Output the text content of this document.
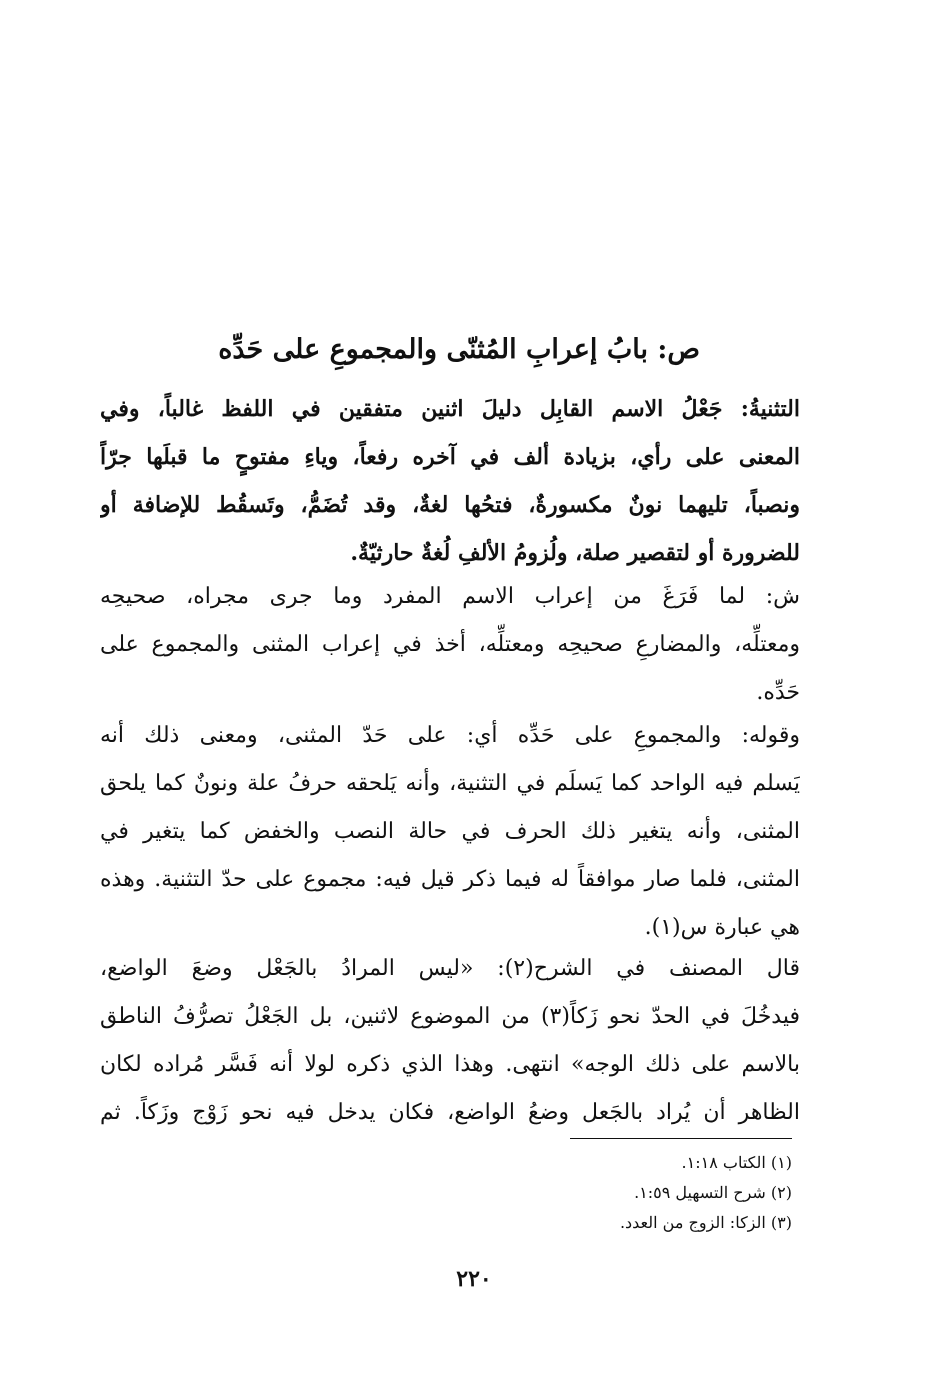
ص: بابُ إعرابِ المُثنّى والمجموعِ على حَدِّه
التثنيةُ: جَعْلُ الاسم القابِل دليلَ اثنين متفقين في اللفظ غالباً، وفي
المعنى على رأي، بزيادة ألف في آخره رفعاً، وياءِ مفتوحٍ ما قبلَها جرّاً
ونصباً، تليهما نونٌ مكسورةٌ، فتحُها لغةٌ، وقد تُضَمُّ، وتَسقُط للإضافة أو
للضرورة أو لتقصير صلة، ولُزومُ الألفِ لُغةٌ حارثيّةٌ.
ش: لما فَرَغَ من إعراب الاسم المفرد وما جرى مجراه، صحيحِه
ومعتلِّه، والمضارعِ صحيحِه ومعتلِّه، أخذ في إعراب المثنى والمجموع على
حَدِّه.
وقوله: والمجموعِ على حَدِّه أي: على حَدّ المثنى، ومعنى ذلك أنه
يَسلم فيه الواحد كما يَسلَم في التثنية، وأنه يَلحقه حرفُ علة ونونٌ كما يلحق
المثنى، وأنه يتغير ذلك الحرف في حالة النصب والخفض كما يتغير في
المثنى، فلما صار موافقاً له فيما ذكر قيل فيه: مجموع على حدّ التثنية. وهذه
هي عبارة س(١).
قال المصنف في الشرح(٢): «ليس المرادُ بالجَعْل وضعَ الواضع،
فيدخُلَ في الحدّ نحو زَكاً(٣) من الموضوع لاثنين، بل الجَعْلُ تصرُّفُ الناطق
بالاسم على ذلك الوجه» انتهى. وهذا الذي ذكره لولا أنه فَسَّر مُراده لكان
الظاهر أن يُراد بالجَعل وضعُ الواضع، فكان يدخل فيه نحو زَوْج وزَكاً. ثم
(١) الكتاب ١:١٨.
(٢) شرح التسهيل ١:٥٩.
(٣) الزكا: الزوج من العدد.
٢٢٠
